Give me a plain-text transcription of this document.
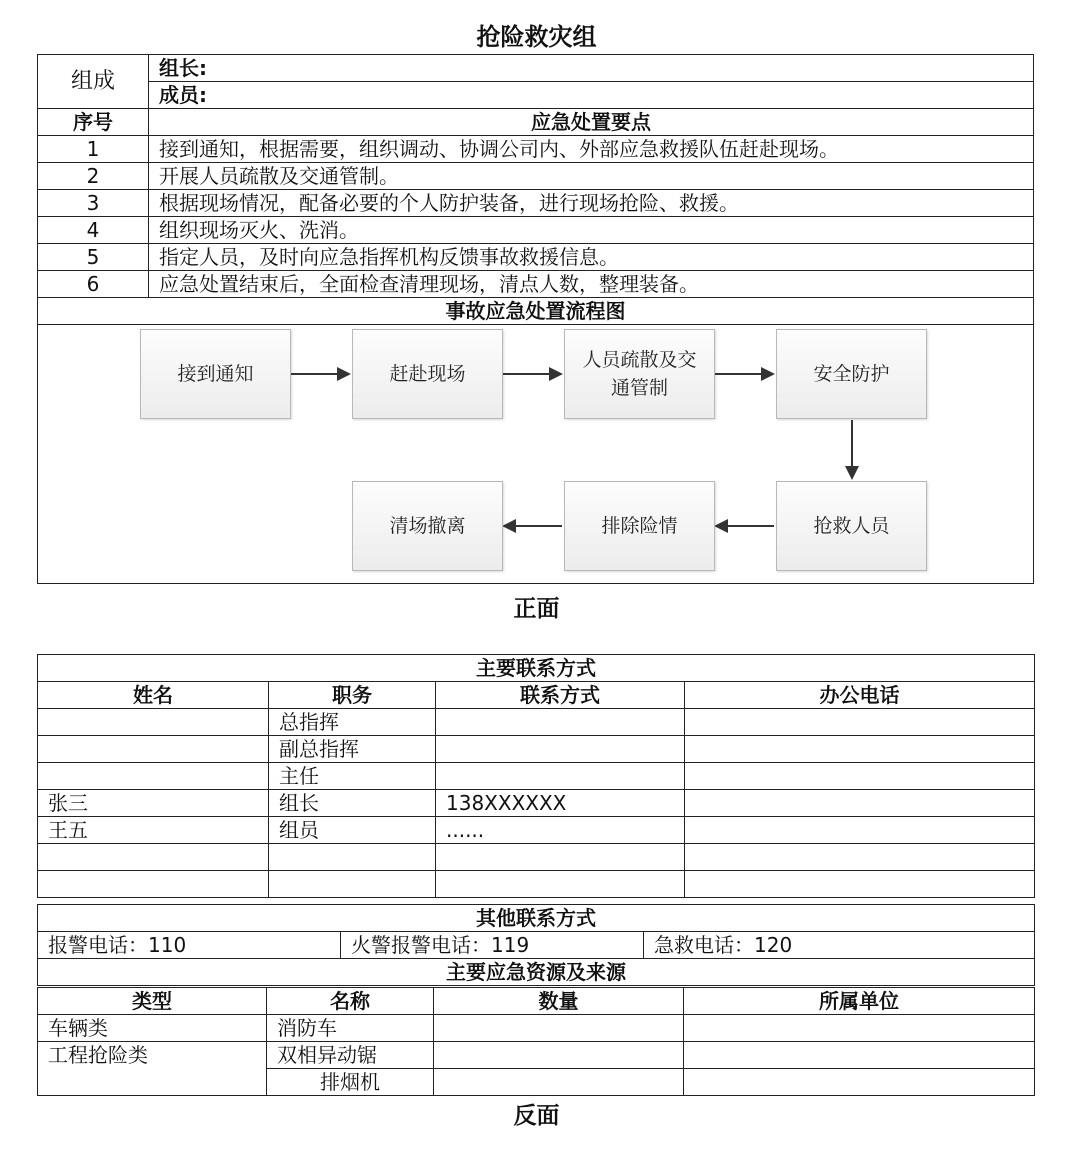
抢险救灾组
组成	组长:
	成员:
序号	应急处置要点
1	接到通知，根据需要，组织调动、协调公司内、外部应急救援队伍赶赴现场。
2	开展人员疏散及交通管制。
3	根据现场情况，配备必要的个人防护装备，进行现场抢险、救援。
4	组织现场灭火、洗消。
5	指定人员，及时向应急指挥机构反馈事故救援信息。
6	应急处置结束后，全面检查清理现场，清点人数，整理装备。
事故应急处置流程图	

接到通知	赶赴现场
人员疏散及交通管制
安全防护
抢救人员
排除险情
清场撤离
正面
主要联系方式			
姓名	职务	联系方式	办公电话
	总指挥		
	副总指挥		
	主任		
张三	组长	138XXXXXX	
王五	组员	......	

其他联系方式
报警电话：110	火警报警电话：119	急救电话：120
主要应急资源及来源
类型	名称	数量	所属单位
车辆类	消防车		
工程抢险类	双相异动锯		
	排烟机		
反面
